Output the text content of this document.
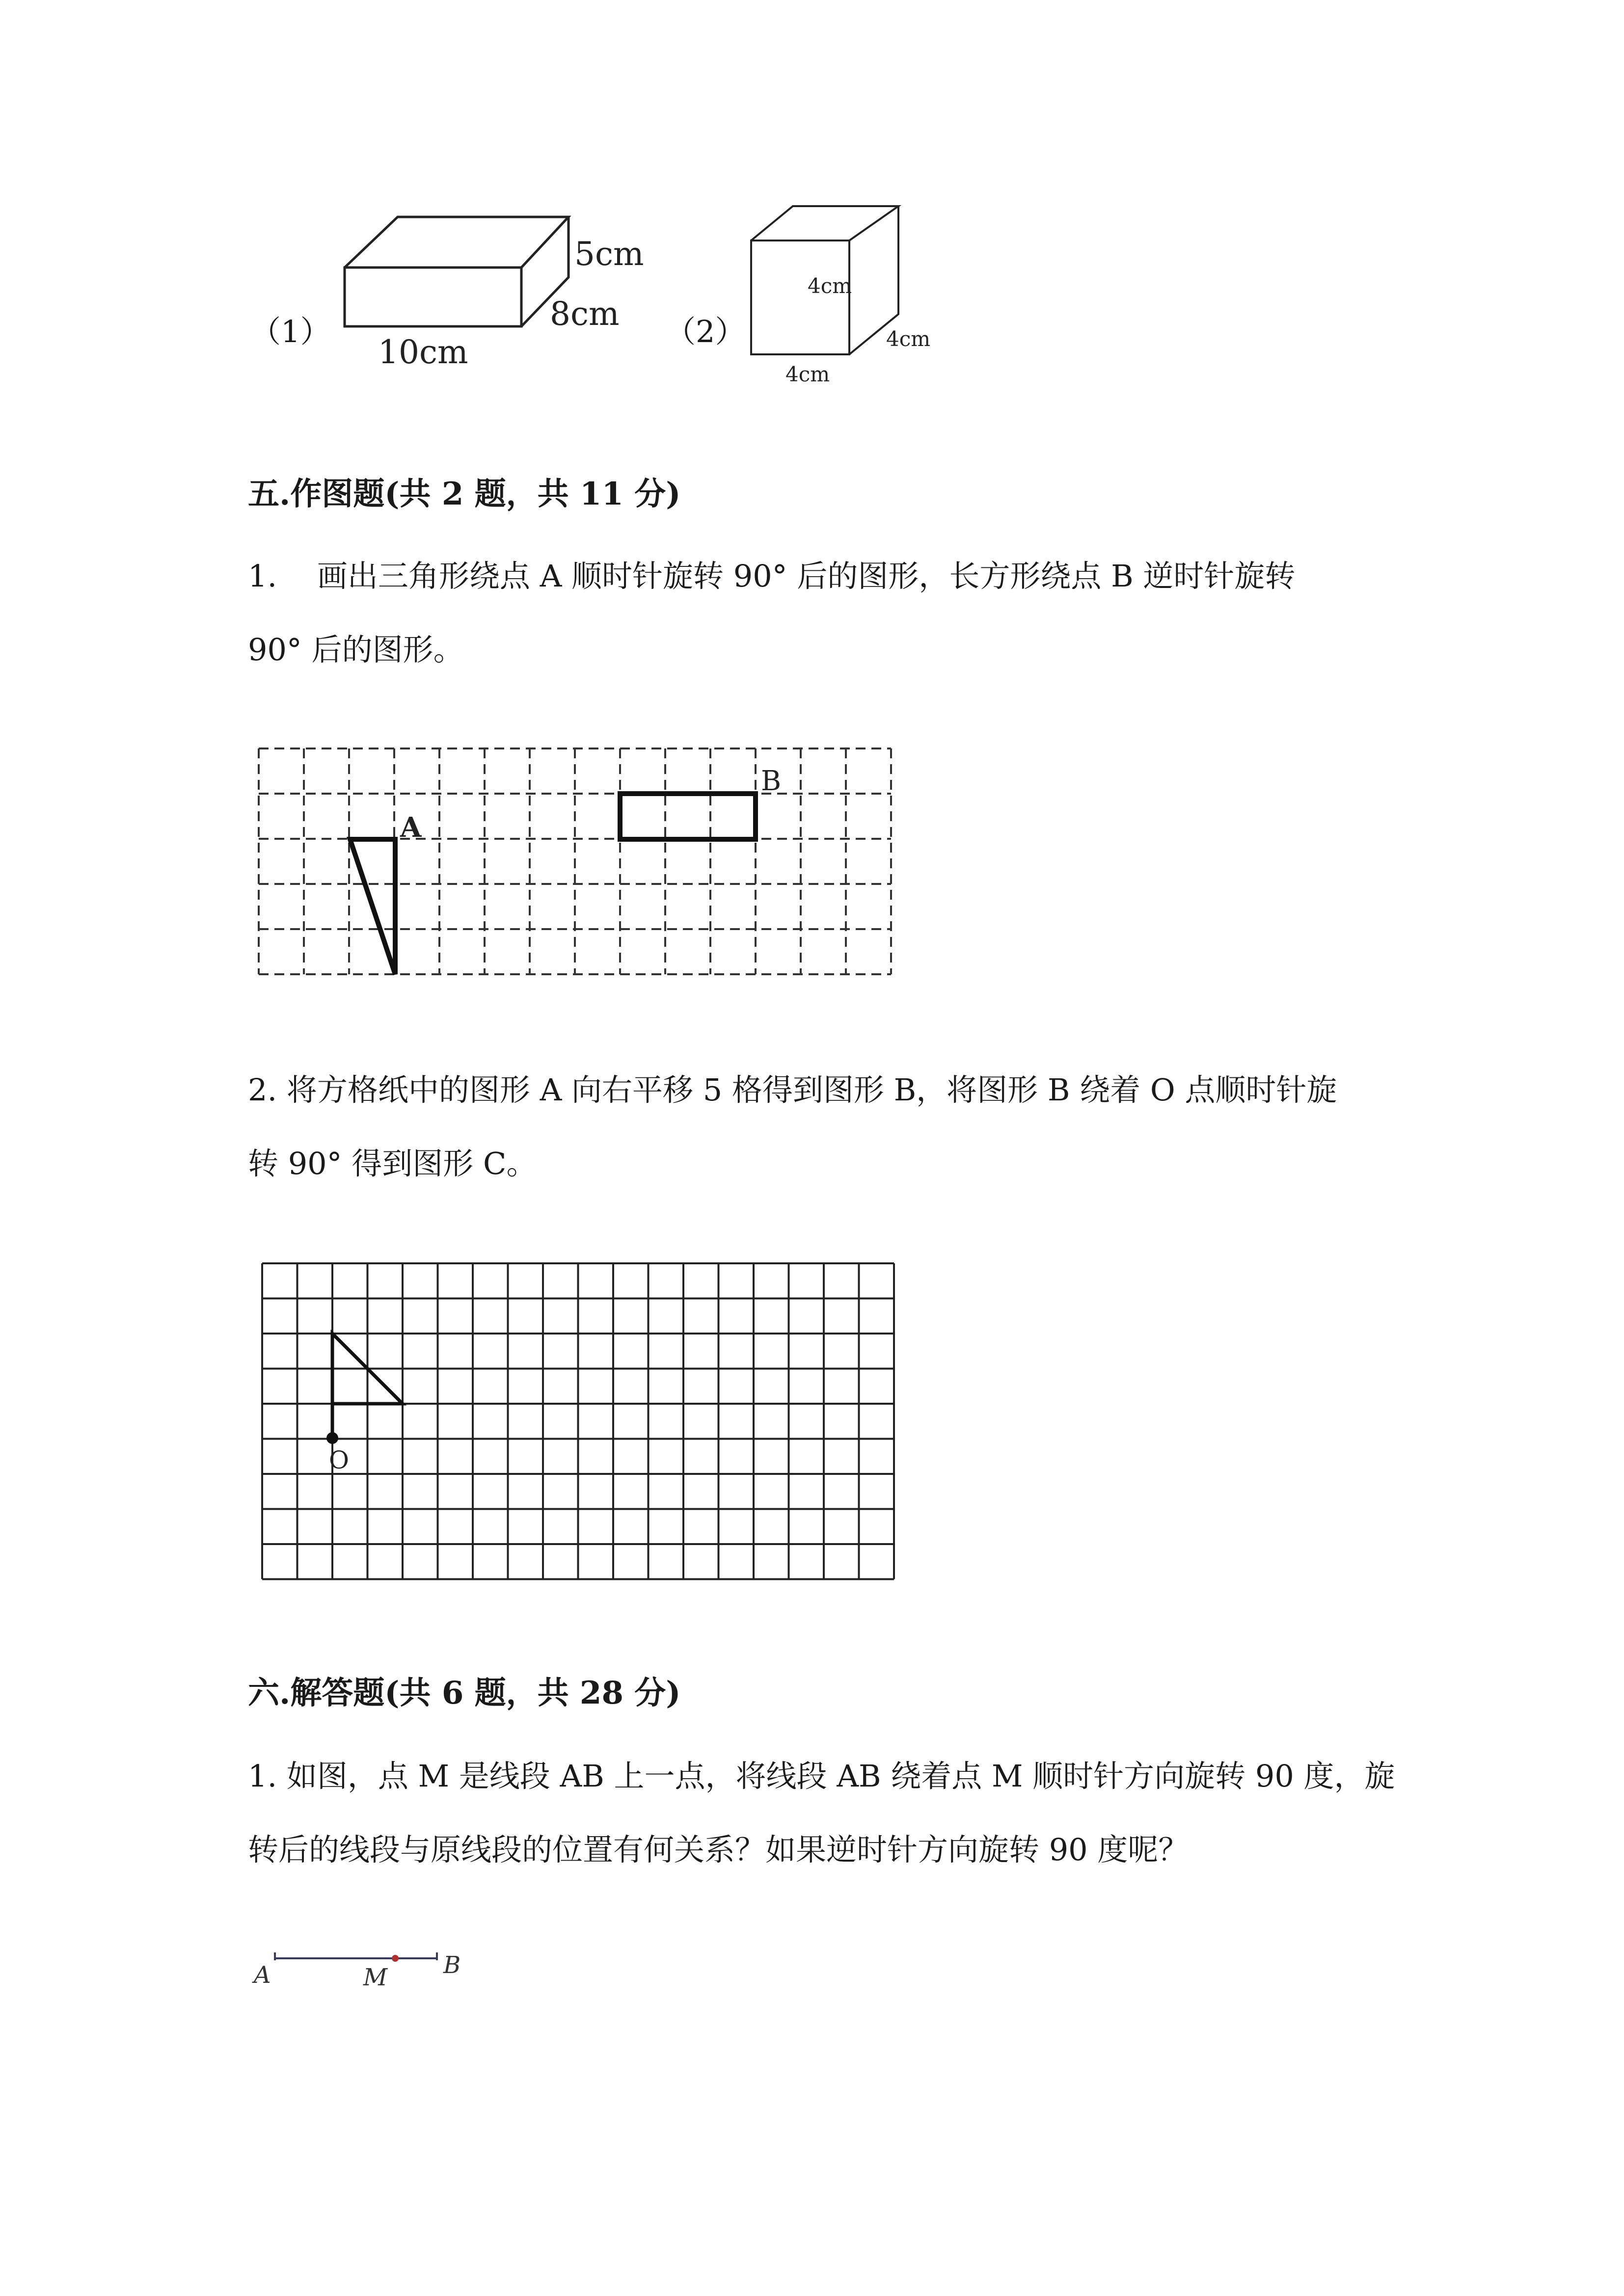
（1）
10cm
8cm
5cm
（2）
4cm
4cm
4cm
五.作图题(共 2 题，共 11 分)
1.　 画出三角形绕点 A 顺时针旋转 90° 后的图形，长方形绕点 B 逆时针旋转
90° 后的图形。
A
B
2. 将方格纸中的图形 A 向右平移 5 格得到图形 B，将图形 B 绕着 O 点顺时针旋
转 90° 得到图形 C。
O
六.解答题(共 6 题，共 28 分)
1. 如图，点 M 是线段 AB 上一点，将线段 AB 绕着点 M 顺时针方向旋转 90 度，旋
转后的线段与原线段的位置有何关系？如果逆时针方向旋转 90 度呢？
A	M B
